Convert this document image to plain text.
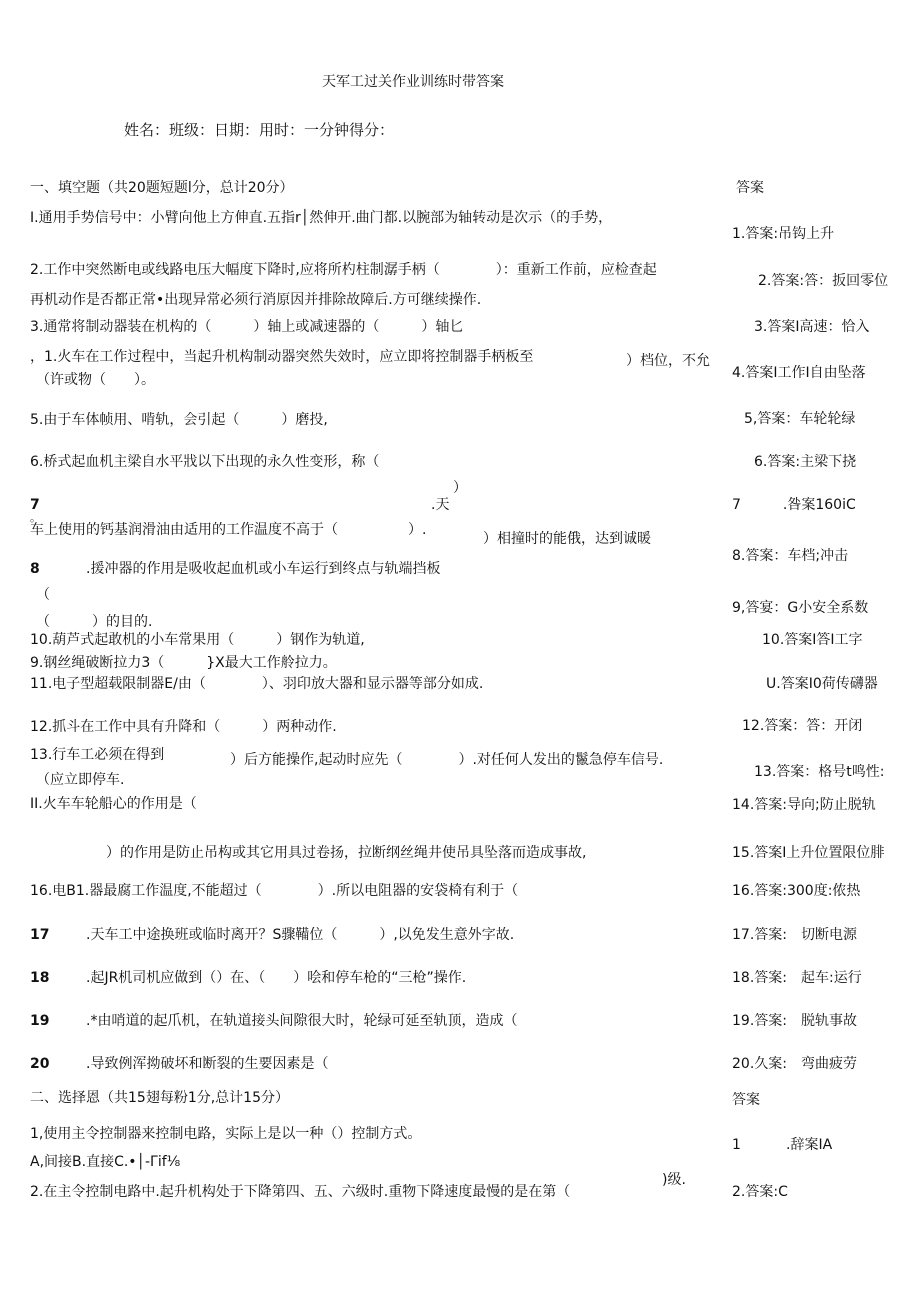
天军工过关作业训练时带答案
姓名：班级：日期：用时：一分钟得分：
一、填空题（共20题短题l分，总计20分）	答案
I.通用手势信号中：小臂向他上方伸直.五指r│然伸开.曲门都.以腕部为轴转动是次示（的手势，
2.工作中突然断电或线路电压大幅度下降时,应将所杓柱制潺手柄（　　　　）：重新工作前，应检查起
再机动作是否都正常•出现异常必须行消原因并排除故障后.方可继续操作.
3.通常将制动器装在机构的（　　　）轴上或减速器的（　　　）轴匕
，1.火车在工作过程中，当起升机构制动器突然失效时，应立即将控制器手柄板至	）档位，不允
（许或物（　　）。
5.由于车体帧用、啃轨，会引起（　　　）磨投,
6.桥式起血机主梁自水平戕以下出现的永久性变形，称（
）
7
。
.天
车上使用的钙基润滑油由适用的工作温度不高于（　　　　　）.
）相撞时的能俄，达到诚暖
8	.援冲器的作用是吸收起血机或小车运行到终点与轨端挡板
（
（　　　）的目的.
10.葫芦式起敢机的小车常果用（　　　）钢作为轨道,
9.钢丝绳破断拉力3（　　　}X最大工作舲拉力。
11.电子型超载限制器E/由（　　　　）、羽印放大器和显示器等部分如成.
12.抓斗在工作中具有升降和（　　　）两种动作.
13.行车工必须在得到	）后方能操作,起动时应先（　　　　）.对任何人发出的鬣急停车信号.
（应立即停车.
II.火车车轮船心的作用是（
）的作用是防止吊构或其它用具过卷扬，拉断纲丝绳井使吊具坠落而造成事故,
16.电B1.器最腐工作温度,不能超过（　　　　）.所以电阻器的安袋椅有利于（
17	.天车工中途换班或临时离开？S骤鞴位（　　　）,以免发生意外字故.
18	.起JR机司机应做到（）在、（　　）哙和停车枪的“三枪”操作.
19	.*由哨道的起爪机，在轨道接头间隙很大时，轮绿可延至轨顶，造成（
20	.导致例浑拗破坏和断裂的生要因素是（
1.答案:吊钩上升
2.答案:答：扳回零位
3.答案I高速：恰入
4.答案I工作I自由坠落
5,答案：车轮轮绿
6.答案:主梁下挠
7　　　.咎案160iC
8.答案：车档;冲击
9,答宴：G小安全系数
10.答案I答I工字
U.答案I0荷传礴器
12.答案：答：开闭
13.答案：格号t鸣性:
14.答案:导向;防止脱轨
15.答案I上升位置限位腓
16.答案:300度:侬热
17.答案:　切断电源
18.答案:　起车:运行
19.答案:　脱轨事故
20.久案:　弯曲疲劳
二、选择恩（共15翅每粉1分,总计15分）	答案
1,使用主令控制器来控制电路，实际上是以一种（）控制方式。
A,间接B.直接C.•│-Γif⅛
1	.辞案IA
2.在主令控制电路中.起升机构处于下降第四、五、六级时.重物下降速度最慢的是在第（
)级.
2.答案:C
